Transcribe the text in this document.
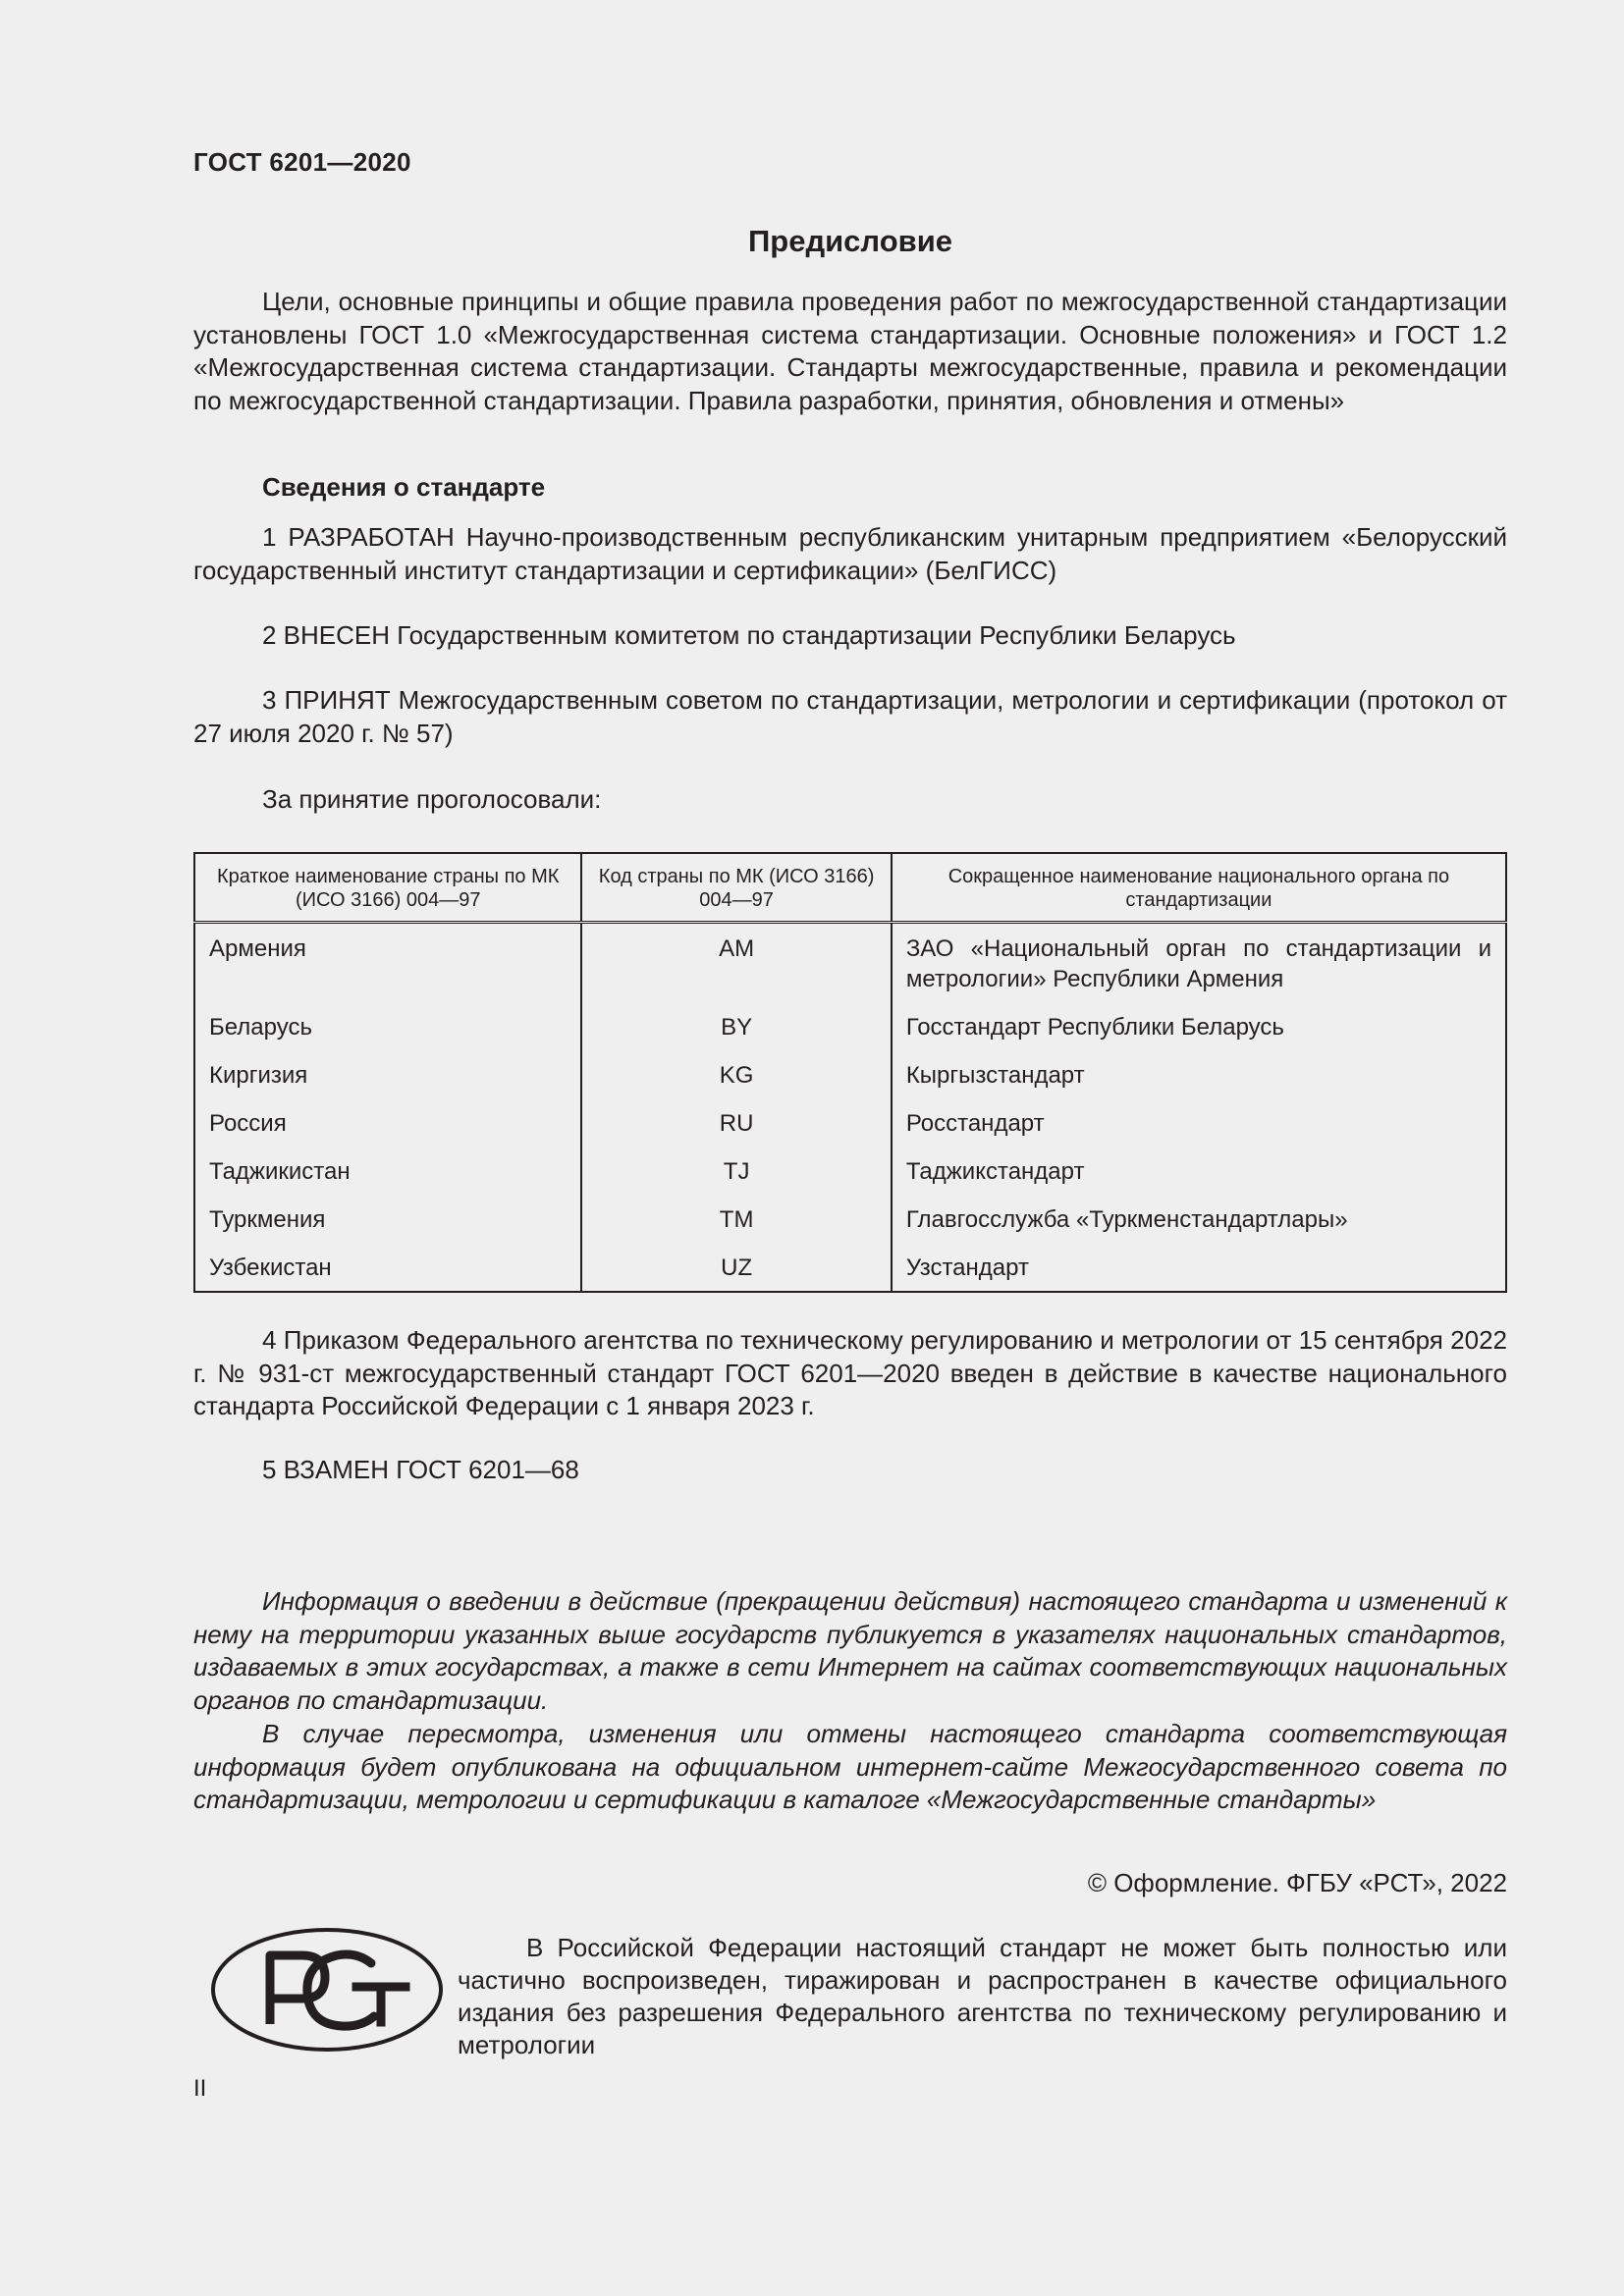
ГОСТ 6201—2020
Предисловие

Цели, основные принципы и общие правила проведения работ по межгосударственной стандартизации установлены ГОСТ 1.0 «Межгосударственная система стандартизации. Основные положения» и ГОСТ 1.2 «Межгосударственная система стандартизации. Стандарты межгосударственные, правила и рекомендации по межгосударственной стандартизации. Правила разработки, принятия, обновления и отмены»

Сведения о стандарте

1 РАЗРАБОТАН Научно-производственным республиканским унитарным предприятием «Белорусский государственный институт стандартизации и сертификации» (БелГИСС)

2 ВНЕСЕН Государственным комитетом по стандартизации Республики Беларусь

3 ПРИНЯТ Межгосударственным советом по стандартизации, метрологии и сертификации (протокол от 27 июля 2020 г. № 57)

За принятие проголосовали:

Краткое наименование страны по МК (ИСО 3166) 004—97	Код страны по МК (ИСО 3166) 004—97	Сокращенное наименование национального органа по стандартизации
Армения	AM	ЗАО «Национальный орган по стандартизации и метрологии» Республики Армения
Беларусь	BY	Госстандарт Республики Беларусь
Киргизия	KG	Кыргызстандарт
Россия	RU	Росстандарт
Таджикистан	TJ	Таджикстандарт
Туркмения	TM	Главгосслужба «Туркменстандартлары»
Узбекистан	UZ	Узстандарт

4 Приказом Федерального агентства по техническому регулированию и метрологии от 15 сентября 2022 г. № 931-ст межгосударственный стандарт ГОСТ 6201—2020 введен в действие в качестве национального стандарта Российской Федерации с 1 января 2023 г.

5 ВЗАМЕН ГОСТ 6201—68

Информация о введении в действие (прекращении действия) настоящего стандарта и изменений к нему на территории указанных выше государств публикуется в указателях национальных стандартов, издаваемых в этих государствах, а также в сети Интернет на сайтах соответствующих национальных органов по стандартизации.

В случае пересмотра, изменения или отмены настоящего стандарта соответствующая информация будет опубликована на официальном интернет-сайте Межгосударственного совета по стандартизации, метрологии и сертификации в каталоге «Межгосударственные стандарты»

© Оформление. ФГБУ «РСТ», 2022

В Российской Федерации настоящий стандарт не может быть полностью или частично воспроизведен, тиражирован и распространен в качестве официального издания без разрешения Федерального агентства по техническому регулированию и метрологии

II
